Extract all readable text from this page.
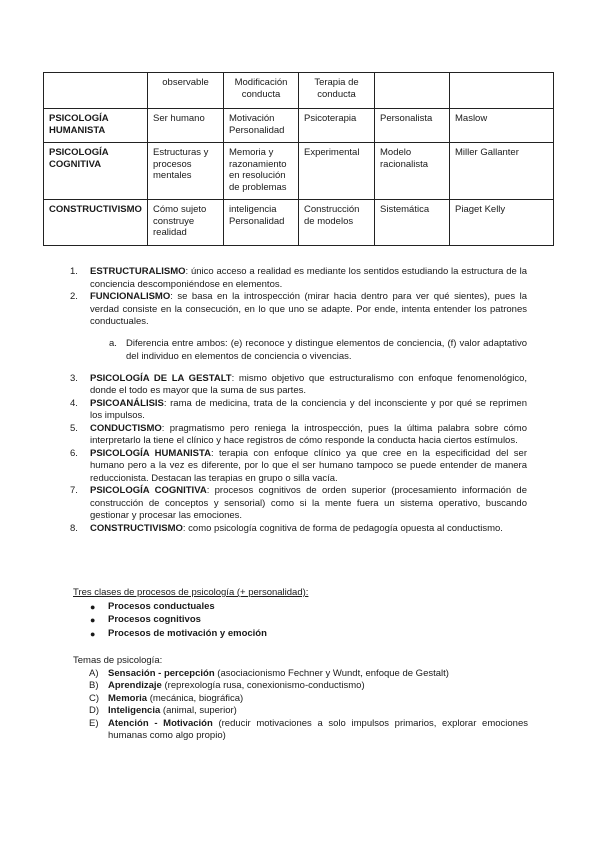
	observable	Modificación conducta	Terapia de conducta		
PSICOLOGÍA HUMANISTA	Ser humano	Motivación Personalidad	Psicoterapia	Personalista	Maslow
PSICOLOGÍA COGNITIVA	Estructuras y procesos mentales	Memoria y razonamiento en resolución de problemas	Experimental	Modelo racionalista	Miller Gallanter
CONSTRUCTIVISMO	Cómo sujeto construye realidad	inteligencia Personalidad	Construcción de modelos	Sistemática	Piaget Kelly

1. ESTRUCTURALISMO: único acceso a realidad es mediante los sentidos estudiando la estructura de la conciencia descomponiéndose en elementos.

2. FUNCIONALISMO: se basa en la introspección (mirar hacia dentro para ver qué sientes), pues la verdad consiste en la consecución, en lo que uno se adapte. Por ende, intenta entender los patrones conductuales.

a. Diferencia entre ambos: (e) reconoce y distingue elementos de conciencia, (f) valor adaptativo del individuo en elementos de conciencia o vivencias.

3. PSICOLOGÍA DE LA GESTALT: mismo objetivo que estructuralismo con enfoque fenomenológico, donde el todo es mayor que la suma de sus partes.

4. PSICOANÁLISIS: rama de medicina, trata de la conciencia y del inconsciente y por qué se reprimen los impulsos.

5. CONDUCTISMO: pragmatismo pero reniega la introspección, pues la última palabra sobre cómo interpretarlo la tiene el clínico y hace registros de cómo responde la conducta hacia ciertos estímulos.

6. PSICOLOGÍA HUMANISTA: terapia con enfoque clínico ya que cree en la especificidad del ser humano pero a la vez es diferente, por lo que el ser humano tampoco se puede entender de manera reduccionista. Destacan las terapias en grupo o silla vacía.

7. PSICOLOGÍA COGNITIVA: procesos cognitivos de orden superior (procesamiento información de construcción de conceptos y sensorial) como si la mente fuera un sistema operativo, buscando gestionar y procesar las emociones.

8. CONSTRUCTIVISMO: como psicología cognitiva de forma de pedagogía opuesta al conductismo.

Tres clases de procesos de psicología (+ personalidad):
● Procesos conductuales
● Procesos cognitivos
● Procesos de motivación y emoción
Temas de psicología:
A) Sensación - percepción (asociacionismo Fechner y Wundt, enfoque de Gestalt)
B) Aprendizaje (reprexología rusa, conexionismo-conductismo)
C) Memoria (mecánica, biográfica)
D) Inteligencia (animal, superior)
E) Atención - Motivación (reducir motivaciones a solo impulsos primarios, explorar emociones humanas como algo propio)
